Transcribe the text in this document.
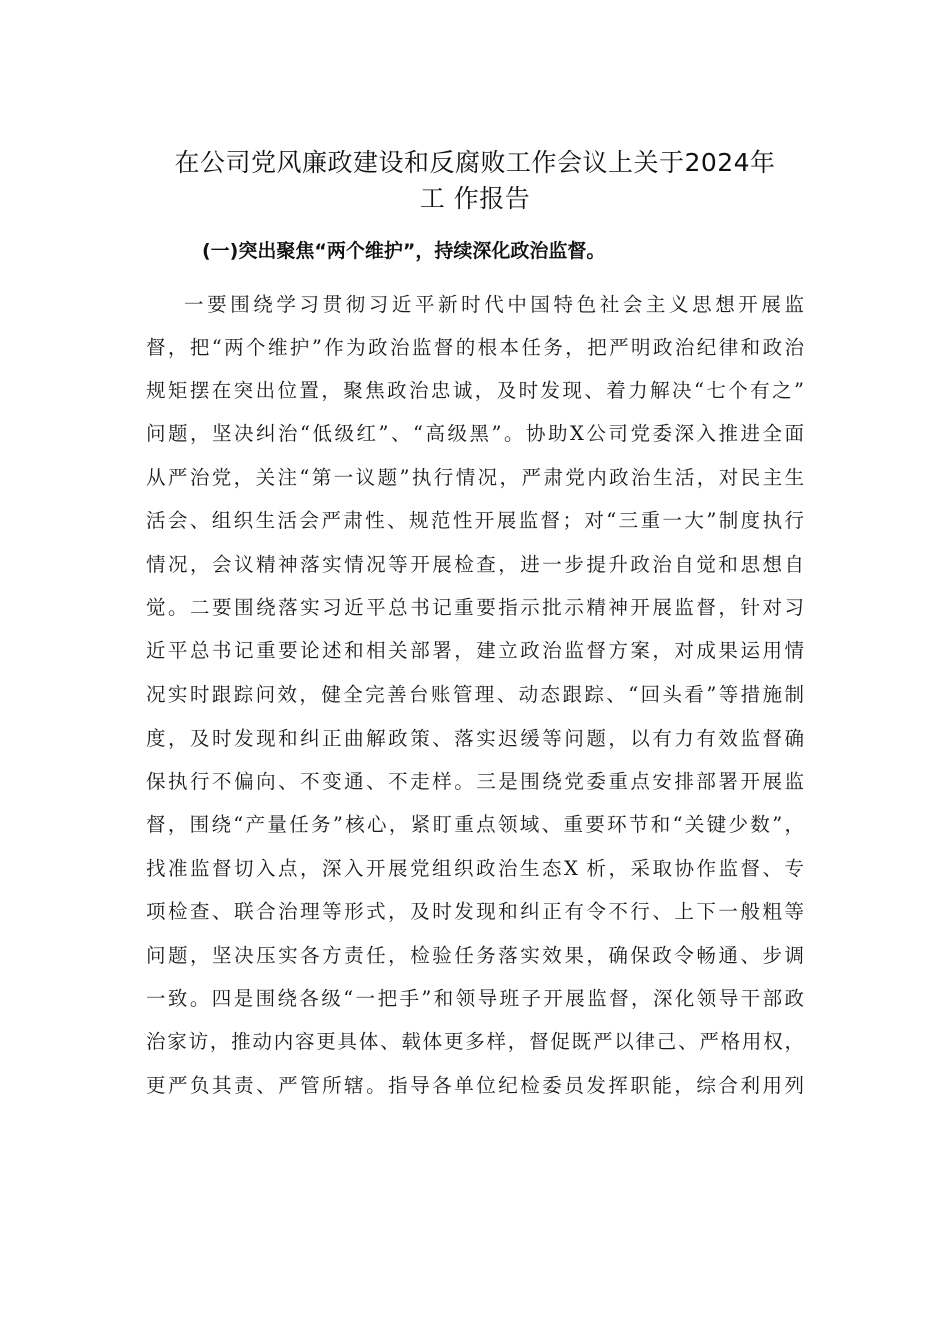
在公司党风廉政建设和反腐败工作会议上关于2024年
工 作报告
(一)突出聚焦“两个维护”，持续深化政治监督。
一要围绕学习贯彻习近平新时代中国特色社会主义思想开展监
督，把“两个维护”作为政治监督的根本任务，把严明政治纪律和政治
规矩摆在突出位置，聚焦政治忠诚，及时发现、着力解决“七个有之”
问题，坚决纠治“低级红”、“高级黑”。协助X公司党委深入推进全面
从严治党，关注“第一议题”执行情况，严肃党内政治生活，对民主生
活会、组织生活会严肃性、规范性开展监督；对“三重一大”制度执行
情况，会议精神落实情况等开展检查，进一步提升政治自觉和思想自
觉。二要围绕落实习近平总书记重要指示批示精神开展监督，针对习
近平总书记重要论述和相关部署，建立政治监督方案，对成果运用情
况实时跟踪问效，健全完善台账管理、动态跟踪、“回头看”等措施制
度，及时发现和纠正曲解政策、落实迟缓等问题，以有力有效监督确
保执行不偏向、不变通、不走样。三是围绕党委重点安排部署开展监
督，围绕“产量任务”核心，紧盯重点领域、重要环节和“关键少数”，
找准监督切入点，深入开展党组织政治生态X 析，采取协作监督、专
项检查、联合治理等形式，及时发现和纠正有令不行、上下一般粗等
问题，坚决压实各方责任，检验任务落实效果，确保政令畅通、步调
一致。四是围绕各级“一把手”和领导班子开展监督，深化领导干部政
治家访，推动内容更具体、载体更多样，督促既严以律己、严格用权，
更严负其责、严管所辖。指导各单位纪检委员发挥职能，综合利用列
